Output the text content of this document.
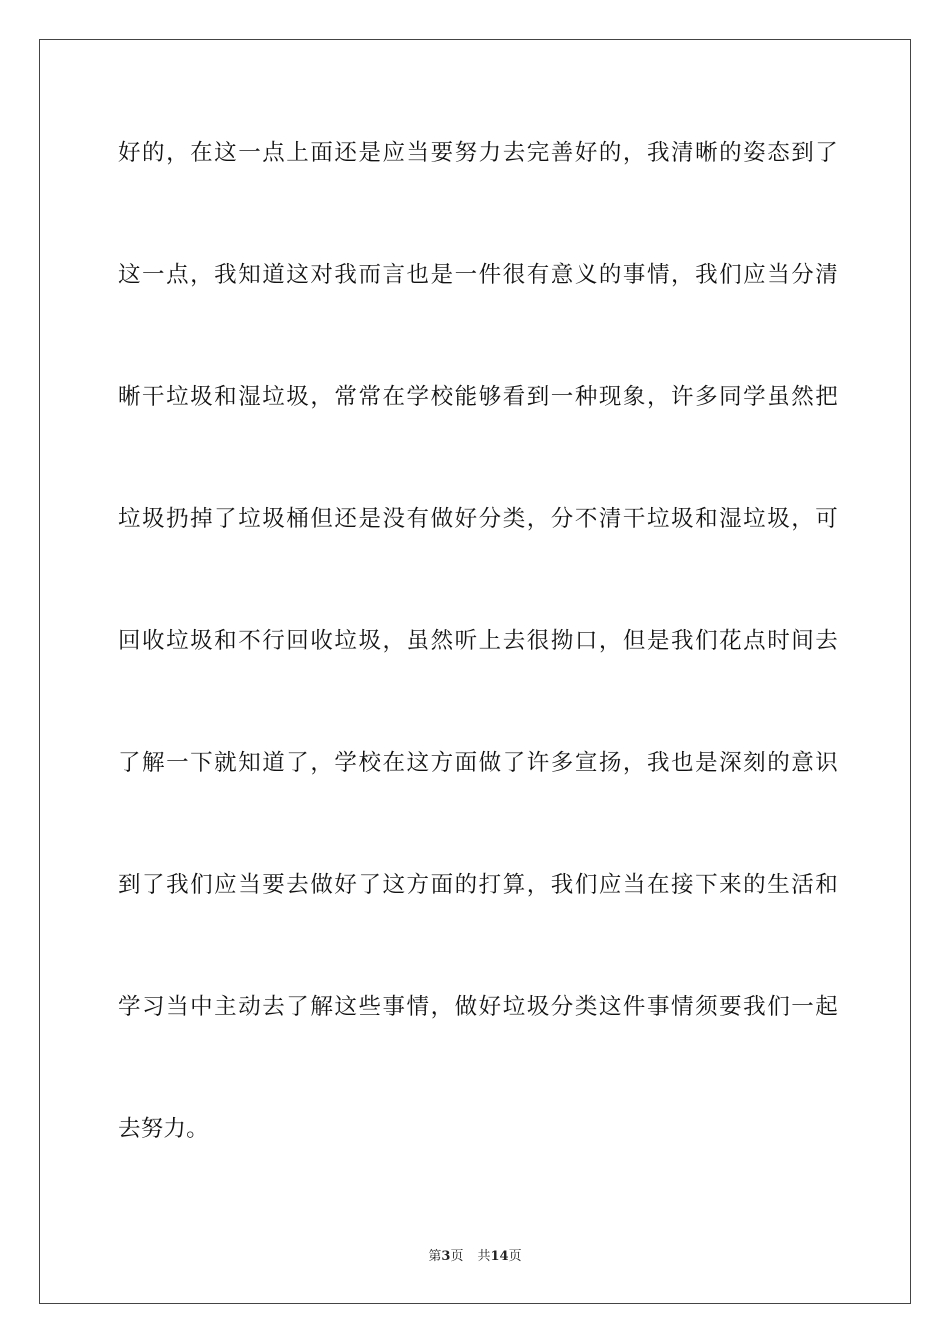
好的，在这一点上面还是应当要努力去完善好的，我清晰的姿态到了
这一点，我知道这对我而言也是一件很有意义的事情，我们应当分清
晰干垃圾和湿垃圾，常常在学校能够看到一种现象，许多同学虽然把
垃圾扔掉了垃圾桶但还是没有做好分类，分不清干垃圾和湿垃圾，可
回收垃圾和不行回收垃圾，虽然听上去很拗口，但是我们花点时间去
了解一下就知道了，学校在这方面做了许多宣扬，我也是深刻的意识
到了我们应当要去做好了这方面的打算，我们应当在接下来的生活和
学习当中主动去了解这些事情，做好垃圾分类这件事情须要我们一起
去努力。
第3页 共14页
